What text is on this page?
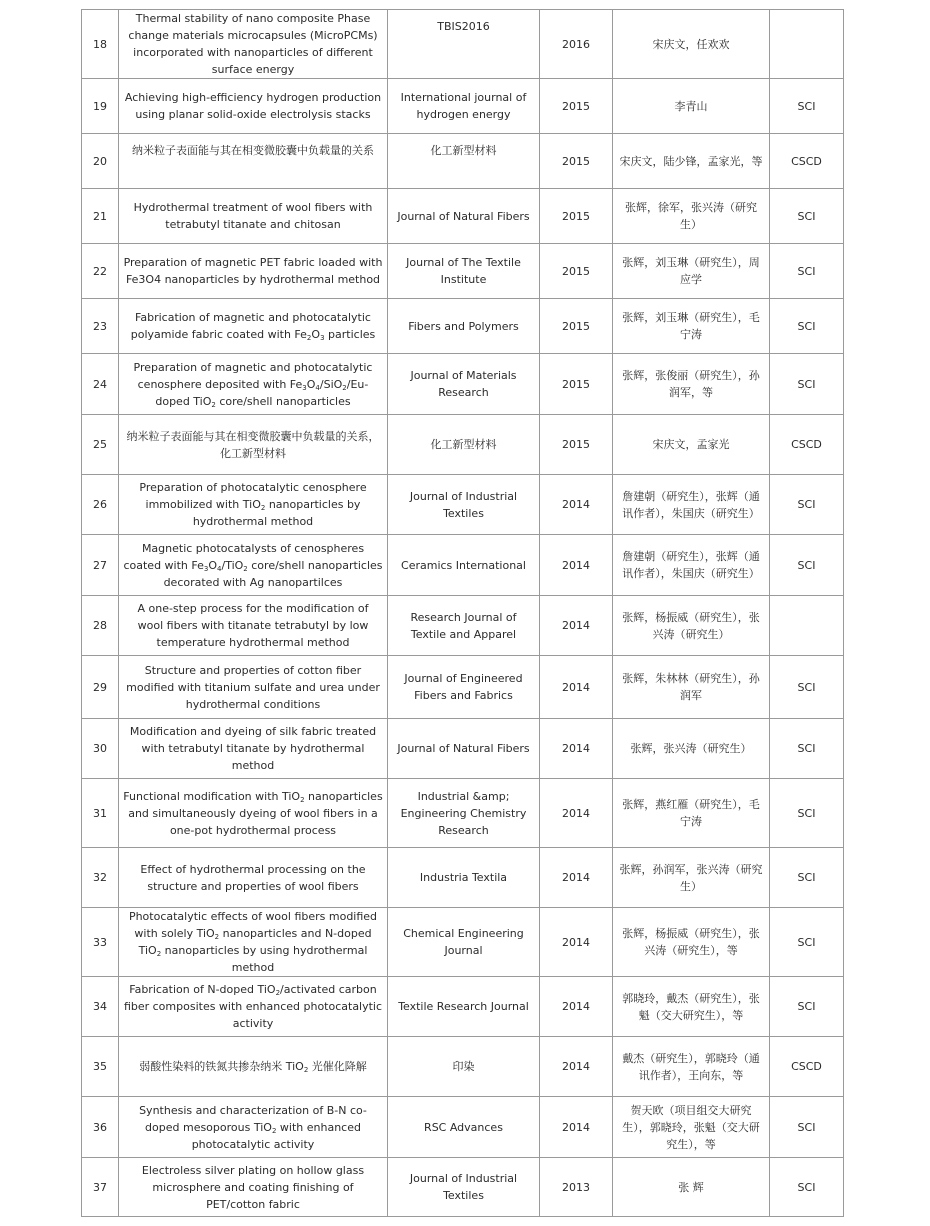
18	Thermal stability of nano composite Phase change materials microcapsules (MicroPCMs) incorporated with nanoparticles of different surface energy	TBIS2016	2016	宋庆文，任欢欢	
19	Achieving high-efficiency hydrogen production using planar solid-oxide electrolysis stacks	International journal of hydrogen energy	2015	李青山	SCI
20	纳米粒子表面能与其在相变微胶囊中负载量的关系	化工新型材料	2015	宋庆文，陆少锋，孟家光，等	CSCD
21	Hydrothermal treatment of wool fibers with tetrabutyl titanate and chitosan	Journal of Natural Fibers	2015	张辉，徐军，张兴涛（研究生）	SCI
22	Preparation of magnetic PET fabric loaded with Fe3O4 nanoparticles by hydrothermal method	Journal of The Textile Institute	2015	张辉，刘玉琳（研究生），周应学	SCI
23	Fabrication of magnetic and photocatalytic polyamide fabric coated with $Fe_2O_3$ particles	Fibers and Polymers	2015	张辉，刘玉琳（研究生），毛宁涛	SCI
24	Preparation of magnetic and photocatalytic cenosphere deposited with $Fe_3O_4/SiO_2/Eu$-doped TiO$_2$ core/shell nanoparticles	Journal of Materials Research	2015	张辉，张俊丽（研究生），孙润军，等	SCI
25	纳米粒子表面能与其在相变微胶囊中负载量的关系，化工新型材料	化工新型材料	2015	宋庆文，孟家光	CSCD
26	Preparation of photocatalytic cenosphere immobilized with TiO$_2$ nanoparticles by hydrothermal method	Journal of Industrial Textiles	2014	詹建朝（研究生），张辉（通讯作者），朱国庆（研究生）	SCI
27	Magnetic photocatalysts of cenospheres coated with $Fe_3O_4/TiO_2$ core/shell nanoparticles decorated with Ag nanopartilces	Ceramics International	2014	詹建朝（研究生），张辉（通讯作者），朱国庆（研究生）	SCI
28	A one-step process for the modification of wool fibers with titanate tetrabutyl by low temperature hydrothermal method	Research Journal of Textile and Apparel	2014	张辉，杨振威（研究生），张兴涛（研究生）	
29	Structure and properties of cotton fiber modified with titanium sulfate and urea under hydrothermal conditions	Journal of Engineered Fibers and Fabrics	2014	张辉，朱林林（研究生），孙润军	SCI
30	Modification and dyeing of silk fabric treated with tetrabutyl titanate by hydrothermal method	Journal of Natural Fibers	2014	张辉，张兴涛（研究生）	SCI
31	Functional modification with TiO$_2$ nanoparticles and simultaneously dyeing of wool fibers in a one-pot hydrothermal process	Industrial &amp; Engineering Chemistry Research	2014	张辉，燕红雁（研究生），毛宁涛	SCI
32	Effect of hydrothermal processing on the structure and properties of wool fibers	Industria Textila	2014	张辉，孙润军，张兴涛（研究生）	SCI
33	Photocatalytic effects of wool fibers modified with solely TiO$_2$ nanoparticles and N-doped TiO$_2$ nanoparticles by using hydrothermal method	Chemical Engineering Journal	2014	张辉，杨振威（研究生），张兴涛（研究生），等	SCI
34	Fabrication of N-doped TiO$_2$/activated carbon fiber composites with enhanced photocatalytic activity	Textile Research Journal	2014	郭晓玲，戴杰（研究生），张魁（交大研究生），等	SCI
35	弱酸性染料的铁氮共掺杂纳米 TiO$_2$ 光催化降解	印染	2014	戴杰（研究生），郭晓玲（通讯作者），王向东，等	CSCD
36	Synthesis and characterization of B-N co-doped mesoporous TiO$_2$ with enhanced photocatalytic activity	RSC Advances	2014	贺天欧（项目组交大研究生），郭晓玲，张魁（交大研究生），等	SCI
37	Electroless silver plating on hollow glass microsphere and coating finishing of PET/cotton fabric	Journal of Industrial Textiles	2013	张 辉	SCI
